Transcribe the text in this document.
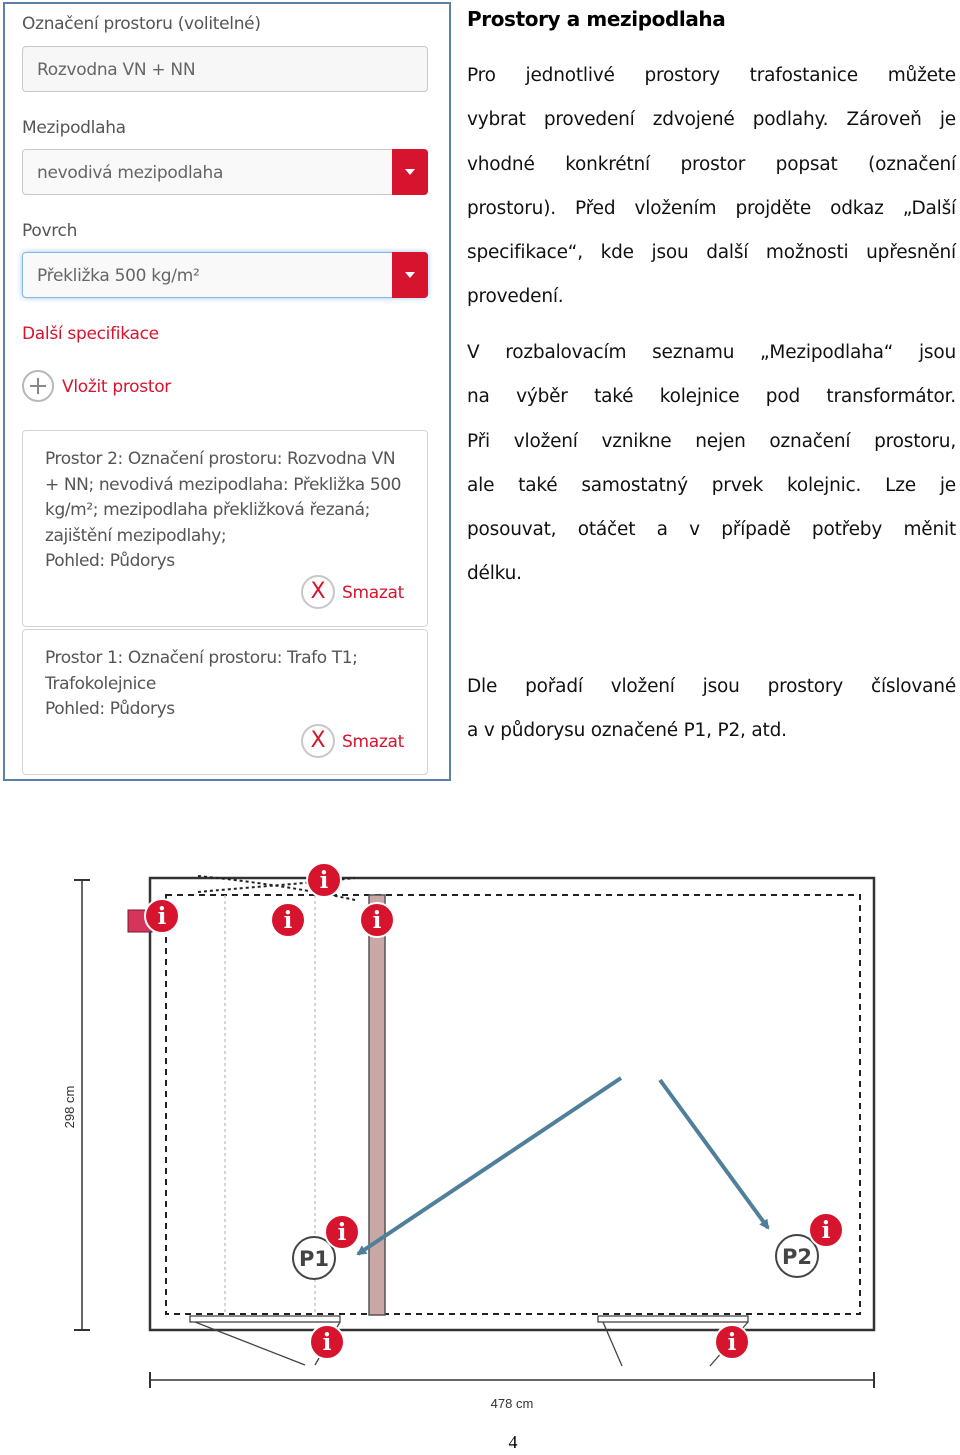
Označení prostoru (volitelné)
Rozvodna VN + NN
Mezipodlaha
nevodivá mezipodlaha
Povrch
Překližka 500 kg/m²
Další specifikace
Vložit prostor
Prostor 2: Označení prostoru: Rozvodna VN
+ NN; nevodivá mezipodlaha: Překližka 500
kg/m²; mezipodlaha překližková řezaná;
zajištění mezipodlahy;
Pohled: Půdorys
X Smazat
Prostor 1: Označení prostoru: Trafo T1;
Trafokolejnice
Pohled: Půdorys
X Smazat
Prostory a mezipodlaha
Pro jednotlivé prostory trafostanice můžete
vybrat provedení zdvojené podlahy. Zároveň je
vhodné konkrétní prostor popsat (označení
prostoru). Před vložením projděte odkaz „Další
specifikace“, kde jsou další možnosti upřesnění
provedení.
V rozbalovacím seznamu „Mezipodlaha“ jsou
na výběr také kolejnice pod transformátor.
Při vložení vznikne nejen označení prostoru,
ale také samostatný prvek kolejnic. Lze je
posouvat, otáčet a v případě potřeby měnit
délku.
Dle pořadí vložení jsou prostory číslované
a v půdorysu označené P1, P2, atd.
298 cm
478 cm
P1	P2
i
i	i	i
i	i
i	i
4
